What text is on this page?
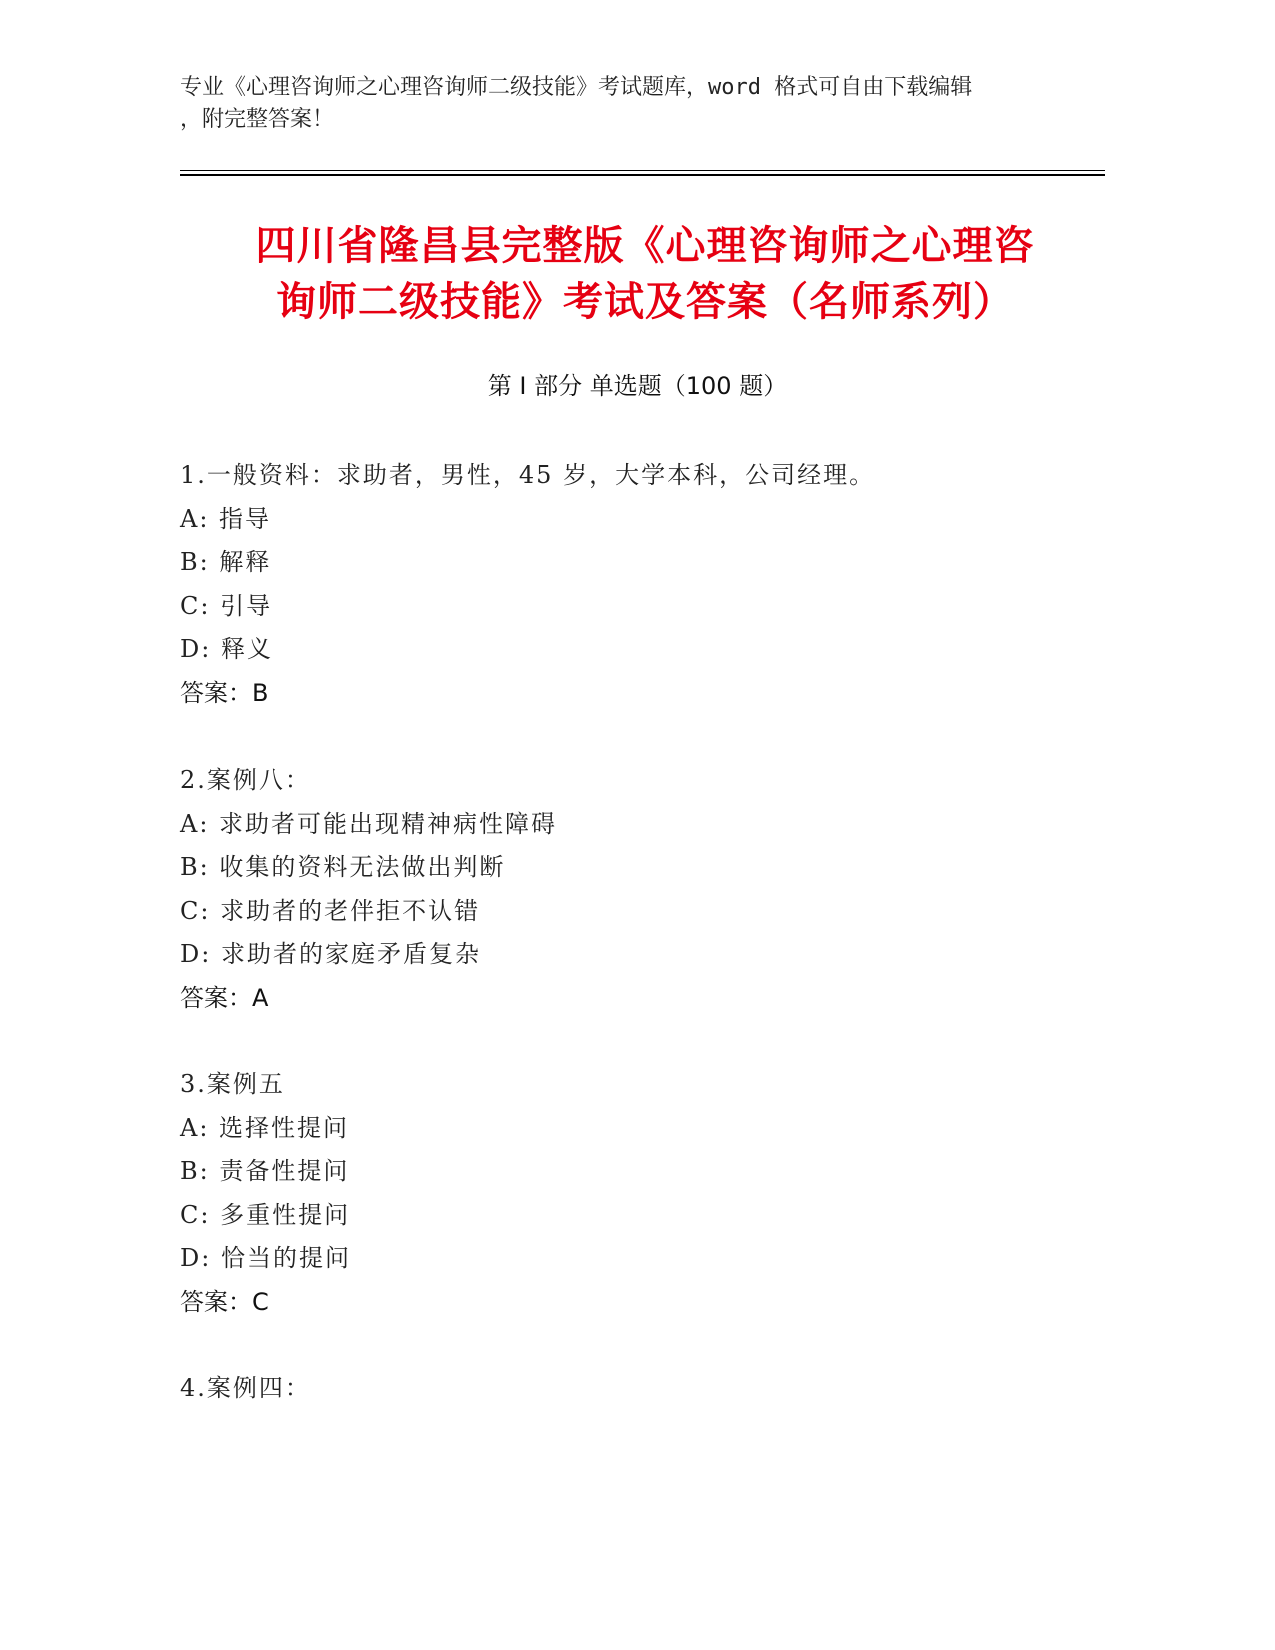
专业《心理咨询师之心理咨询师二级技能》考试题库，word 格式可自由下载编辑
，附完整答案！
四川省隆昌县完整版《心理咨询师之心理咨
询师二级技能》考试及答案（名师系列）
第 I 部分 单选题（100 题）
1.一般资料：求助者，男性，45 岁，大学本科，公司经理。
A: 指导
B: 解释
C: 引导
D: 释义
答案：B
2.案例八：
A: 求助者可能出现精神病性障碍
B: 收集的资料无法做出判断
C: 求助者的老伴拒不认错
D: 求助者的家庭矛盾复杂
答案：A
3.案例五
A: 选择性提问
B: 责备性提问
C: 多重性提问
D: 恰当的提问
答案：C
4.案例四：
